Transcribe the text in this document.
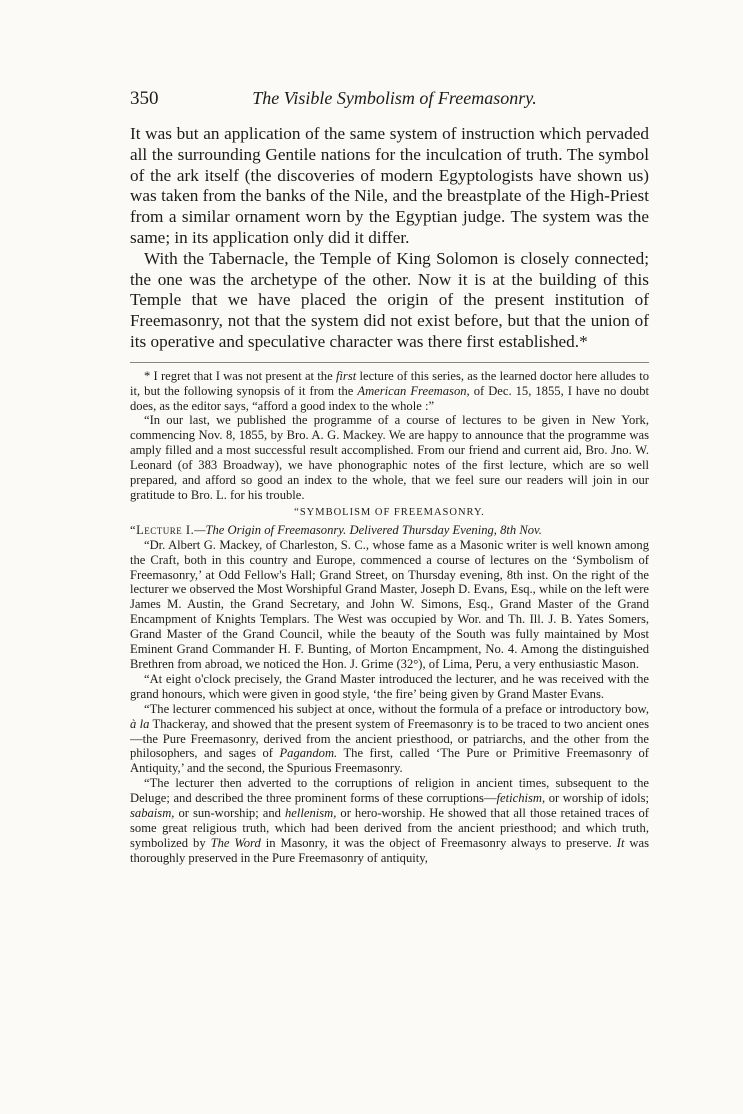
350	The Visible Symbolism of Freemasonry.

It was but an application of the same system of instruction which pervaded all the surrounding Gentile nations for the inculcation of truth. The symbol of the ark itself (the discoveries of modern Egyptologists have shown us) was taken from the banks of the Nile, and the breastplate of the High-Priest from a similar ornament worn by the Egyptian judge. The system was the same; in its application only did it differ.

With the Tabernacle, the Temple of King Solomon is closely connected; the one was the archetype of the other. Now it is at the building of this Temple that we have placed the origin of the present institution of Freemasonry, not that the system did not exist before, but that the union of its operative and speculative character was there first established.*

* I regret that I was not present at the first lecture of this series, as the learned doctor here alludes to it, but the following synopsis of it from the American Freemason, of Dec. 15, 1855, I have no doubt does, as the editor says, “afford a good index to the whole :”

“In our last, we published the programme of a course of lectures to be given in New York, commencing Nov. 8, 1855, by Bro. A. G. Mackey. We are happy to announce that the programme was amply filled and a most successful result accomplished. From our friend and current aid, Bro. Jno. W. Leonard (of 383 Broadway), we have phonographic notes of the first lecture, which are so well prepared, and afford so good an index to the whole, that we feel sure our readers will join in our gratitude to Bro. L. for his trouble.

“SYMBOLISM OF FREEMASONRY.

“Lecture I.—The Origin of Freemasonry. Delivered Thursday Evening, 8th Nov.

“Dr. Albert G. Mackey, of Charleston, S. C., whose fame as a Masonic writer is well known among the Craft, both in this country and Europe, commenced a course of lectures on the ‘Symbolism of Freemasonry,’ at Odd Fellow's Hall; Grand Street, on Thursday evening, 8th inst. On the right of the lecturer we observed the Most Worshipful Grand Master, Joseph D. Evans, Esq., while on the left were James M. Austin, the Grand Secretary, and John W. Simons, Esq., Grand Master of the Grand Encampment of Knights Templars. The West was occupied by Wor. and Th. Ill. J. B. Yates Somers, Grand Master of the Grand Council, while the beauty of the South was fully maintained by Most Eminent Grand Commander H. F. Bunting, of Morton Encampment, No. 4. Among the distinguished Brethren from abroad, we noticed the Hon. J. Grime (32°), of Lima, Peru, a very enthusiastic Mason.

“At eight o'clock precisely, the Grand Master introduced the lecturer, and he was received with the grand honours, which were given in good style, ‘the fire’ being given by Grand Master Evans.

“The lecturer commenced his subject at once, without the formula of a preface or introductory bow, à la Thackeray, and showed that the present system of Freemasonry is to be traced to two ancient ones—the Pure Freemasonry, derived from the ancient priesthood, or patriarchs, and the other from the philosophers, and sages of Pagandom. The first, called ‘The Pure or Primitive Freemasonry of Antiquity,’ and the second, the Spurious Freemasonry.

“The lecturer then adverted to the corruptions of religion in ancient times, subsequent to the Deluge; and described the three prominent forms of these corruptions—fetichism, or worship of idols; sabaism, or sun-worship; and hellenism, or hero-worship. He showed that all those retained traces of some great religious truth, which had been derived from the ancient priesthood; and which truth, symbolized by The Word in Masonry, it was the object of Freemasonry always to preserve. It was thoroughly preserved in the Pure Freemasonry of antiquity,
